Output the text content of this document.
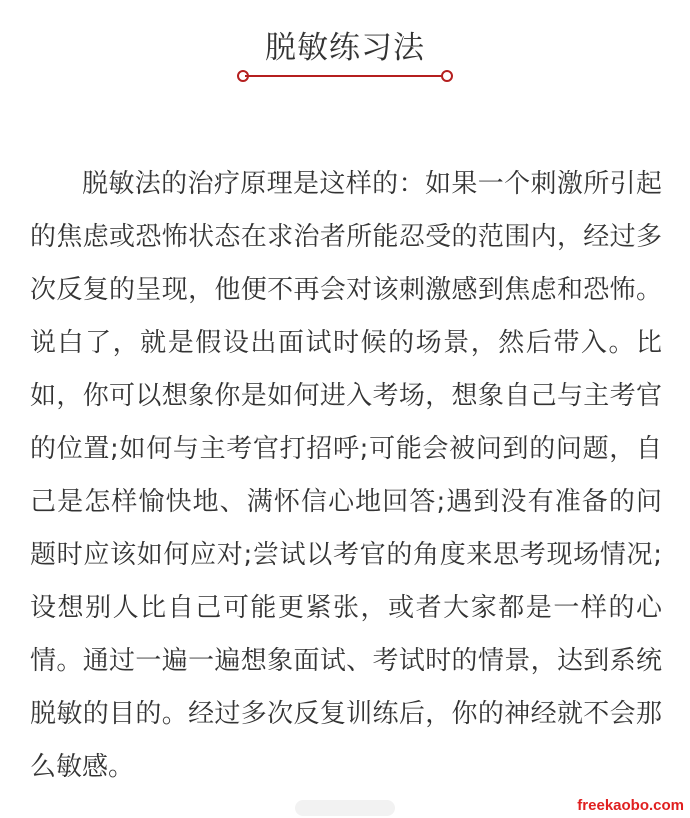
脱敏练习法

脱敏法的治疗原理是这样的：如果一个刺激所引起的焦虑或恐怖状态在求治者所能忍受的范围内，经过多次反复的呈现，他便不再会对该刺激感到焦虑和恐怖。说白了，就是假设出面试时候的场景，然后带入。比如，你可以想象你是如何进入考场，想象自己与主考官的位置;如何与主考官打招呼;可能会被问到的问题，自己是怎样愉快地、满怀信心地回答;遇到没有准备的问题时应该如何应对;尝试以考官的角度来思考现场情况;设想别人比自己可能更紧张，或者大家都是一样的心情。通过一遍一遍想象面试、考试时的情景，达到系统脱敏的目的。经过多次反复训练后，你的神经就不会那么敏感。

freekaobo.com
